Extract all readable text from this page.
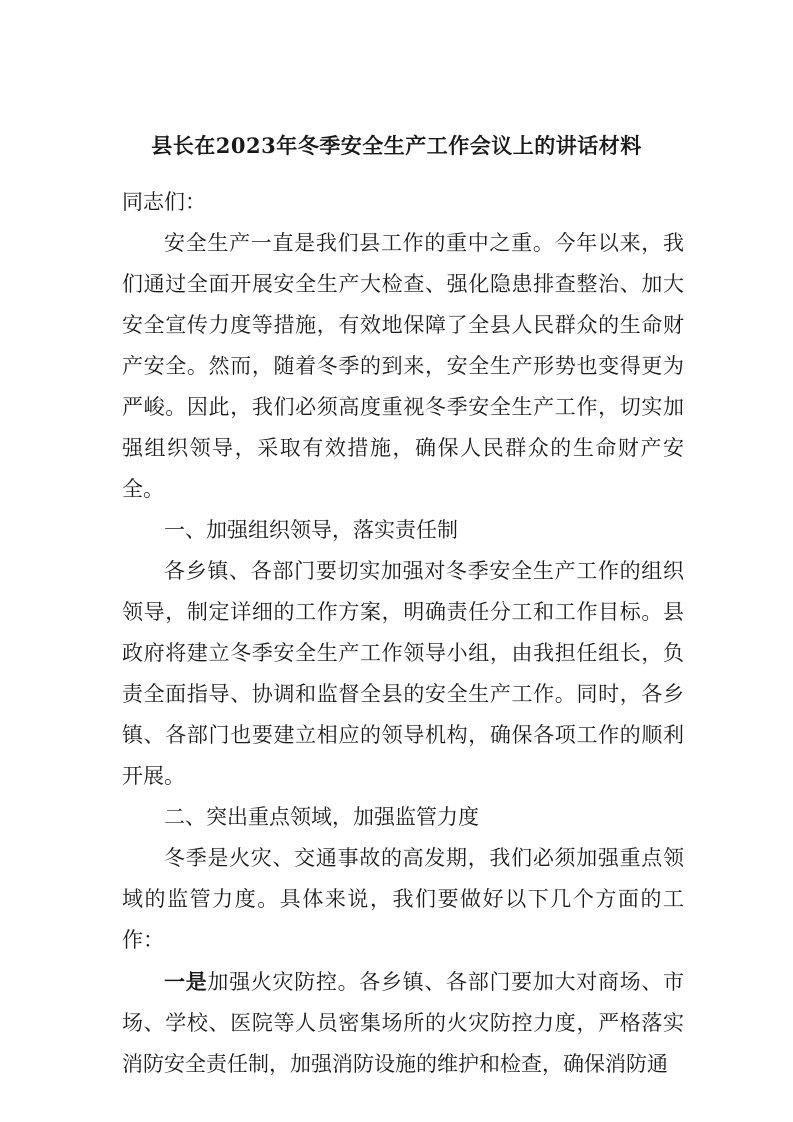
县长在2023年冬季安全生产工作会议上的讲话材料

同志们：

安全生产一直是我们县工作的重中之重。今年以来，我们通过全面开展安全生产大检查、强化隐患排查整治、加大安全宣传力度等措施，有效地保障了全县人民群众的生命财产安全。然而，随着冬季的到来，安全生产形势也变得更为严峻。因此，我们必须高度重视冬季安全生产工作，切实加强组织领导，采取有效措施，确保人民群众的生命财产安全。

一、加强组织领导，落实责任制

各乡镇、各部门要切实加强对冬季安全生产工作的组织领导，制定详细的工作方案，明确责任分工和工作目标。县政府将建立冬季安全生产工作领导小组，由我担任组长，负责全面指导、协调和监督全县的安全生产工作。同时，各乡镇、各部门也要建立相应的领导机构，确保各项工作的顺利开展。

二、突出重点领域，加强监管力度

冬季是火灾、交通事故的高发期，我们必须加强重点领域的监管力度。具体来说，我们要做好以下几个方面的工作：

一是加强火灾防控。各乡镇、各部门要加大对商场、市场、学校、医院等人员密集场所的火灾防控力度，严格落实消防安全责任制，加强消防设施的维护和检查，确保消防通
